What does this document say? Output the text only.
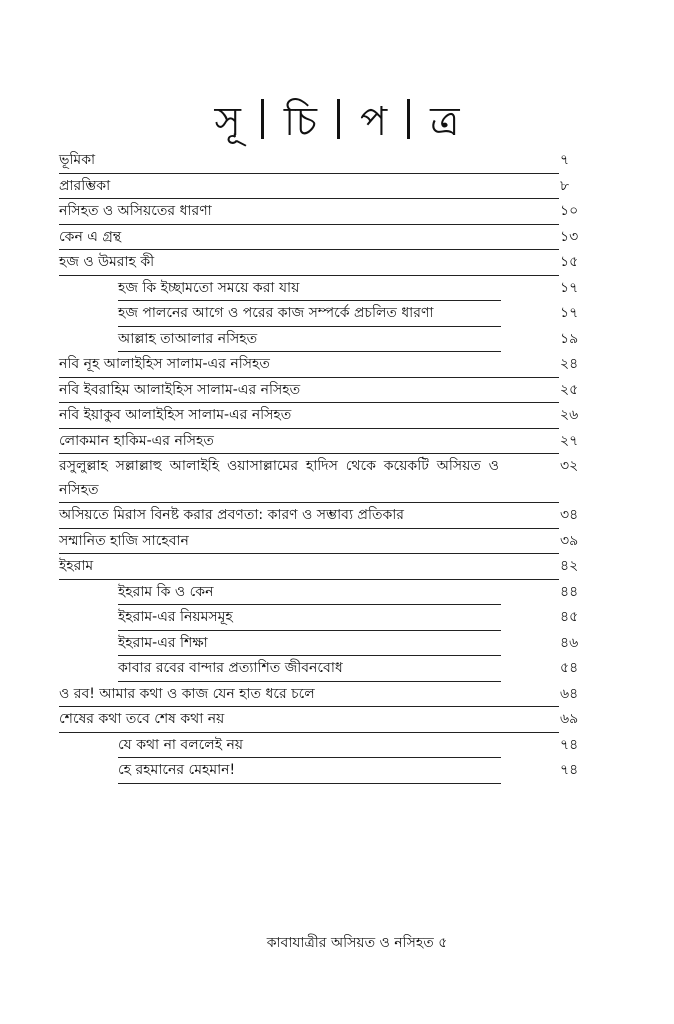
সূ	চি	প	ত্র
ভূমিকা	৭
প্রারম্ভিকা	৮
নসিহত ও অসিয়তের ধারণা	১০
কেন এ গ্রন্থ	১৩
হজ ও উমরাহ কী	১৫
হজ কি ইচ্ছামতো সময়ে করা যায়	১৭
হজ পালনের আগে ও পরের কাজ সম্পর্কে প্রচলিত ধারণা	১৭
আল্লাহ তাআলার নসিহত	১৯
নবি নূহ আলাইহিস সালাম-এর নসিহত	২৪
নবি ইবরাহিম আলাইহিস সালাম-এর নসিহত	২৫
নবি ইয়াকুব আলাইহিস সালাম-এর নসিহত	২৬
লোকমান হাকিম-এর নসিহত	২৭
রসুলুল্লাহ সল্লাল্লাহু আলাইহি ওয়াসাল্লামের হাদিস থেকে কয়েকটি অসিয়ত ও নসিহত
৩২
অসিয়তে মিরাস বিনষ্ট করার প্রবণতা: কারণ ও সম্ভাব্য প্রতিকার	৩৪
সম্মানিত হাজি সাহেবান	৩৯
ইহরাম	৪২
ইহরাম কি ও কেন	৪৪
ইহরাম-এর নিয়মসমূহ	৪৫
ইহরাম-এর শিক্ষা	৪৬
কাবার রবের বান্দার প্রত্যাশিত জীবনবোধ	৫৪
ও রব! আমার কথা ও কাজ যেন হাত ধরে চলে	৬৪
শেষের কথা তবে শেষ কথা নয়	৬৯
যে কথা না বললেই নয়	৭৪
হে রহমানের মেহমান!	৭৪
কাবাযাত্রীর অসিয়ত ও নসিহত ৫
